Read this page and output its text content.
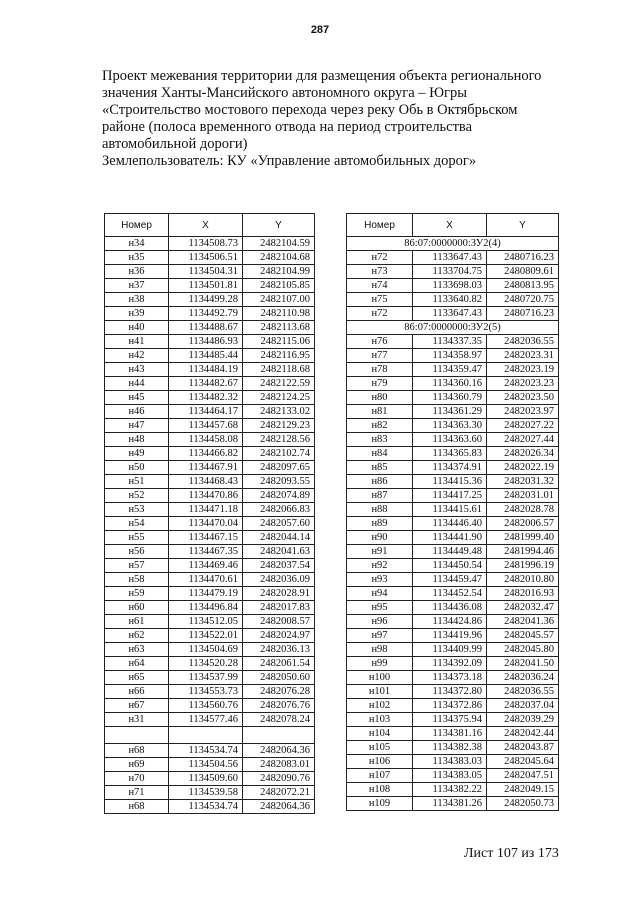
287
Проект межевания территории для размещения объекта регионального
значения Ханты-Мансийского автономного округа – Югры
«Строительство мостового перехода через реку Обь в Октябрьском
районе (полоса временного отвода на период строительства
автомобильной дороги)
Землепользователь: КУ «Управление автомобильных дорог»
Номер	X	Y
н34	1134508.73	2482104.59
н35	1134506.51	2482104.68
н36	1134504.31	2482104.99
н37	1134501.81	2482105.85
н38	1134499.28	2482107.00
н39	1134492.79	2482110.98
н40	1134488.67	2482113.68
н41	1134486.93	2482115.06
н42	1134485.44	2482116.95
н43	1134484.19	2482118.68
н44	1134482.67	2482122.59
н45	1134482.32	2482124.25
н46	1134464.17	2482133.02
н47	1134457.68	2482129.23
н48	1134458.08	2482128.56
н49	1134466.82	2482102.74
н50	1134467.91	2482097.65
н51	1134468.43	2482093.55
н52	1134470.86	2482074.89
н53	1134471.18	2482066.83
н54	1134470.04	2482057.60
н55	1134467.15	2482044.14
н56	1134467.35	2482041.63
н57	1134469.46	2482037.54
н58	1134470.61	2482036.09
н59	1134479.19	2482028.91
н60	1134496.84	2482017.83
н61	1134512.05	2482008.57
н62	1134522.01	2482024.97
н63	1134504.69	2482036.13
н64	1134520.28	2482061.54
н65	1134537.99	2482050.60
н66	1134553.73	2482076.28
н67	1134560.76	2482076.76
н31	1134577.46	2482078.24

н68	1134534.74	2482064.36
н69	1134504.56	2482083.01
н70	1134509.60	2482090.76
н71	1134539.58	2482072.21
н68	1134534.74	2482064.36
Номер	X	Y
86:07:0000000:ЗУ2(4)		
н72	1133647.43	2480716.23
н73	1133704.75	2480809.61
н74	1133698.03	2480813.95
н75	1133640.82	2480720.75
н72	1133647.43	2480716.23
86:07:0000000:ЗУ2(5)		
н76	1134337.35	2482036.55
н77	1134358.97	2482023.31
н78	1134359.47	2482023.19
н79	1134360.16	2482023.23
н80	1134360.79	2482023.50
н81	1134361.29	2482023.97
н82	1134363.30	2482027.22
н83	1134363.60	2482027.44
н84	1134365.83	2482026.34
н85	1134374.91	2482022.19
н86	1134415.36	2482031.32
н87	1134417.25	2482031.01
н88	1134415.61	2482028.78
н89	1134446.40	2482006.57
н90	1134441.90	2481999.40
н91	1134449.48	2481994.46
н92	1134450.54	2481996.19
н93	1134459.47	2482010.80
н94	1134452.54	2482016.93
н95	1134436.08	2482032.47
н96	1134424.86	2482041.36
н97	1134419.96	2482045.57
н98	1134409.99	2482045.80
н99	1134392.09	2482041.50
н100	1134373.18	2482036.24
н101	1134372.80	2482036.55
н102	1134372.86	2482037.04
н103	1134375.94	2482039.29
н104	1134381.16	2482042.44
н105	1134382.38	2482043.87
н106	1134383.03	2482045.64
н107	1134383.05	2482047.51
н108	1134382.22	2482049.15
н109	1134381.26	2482050.73
Лист 107 из 173
